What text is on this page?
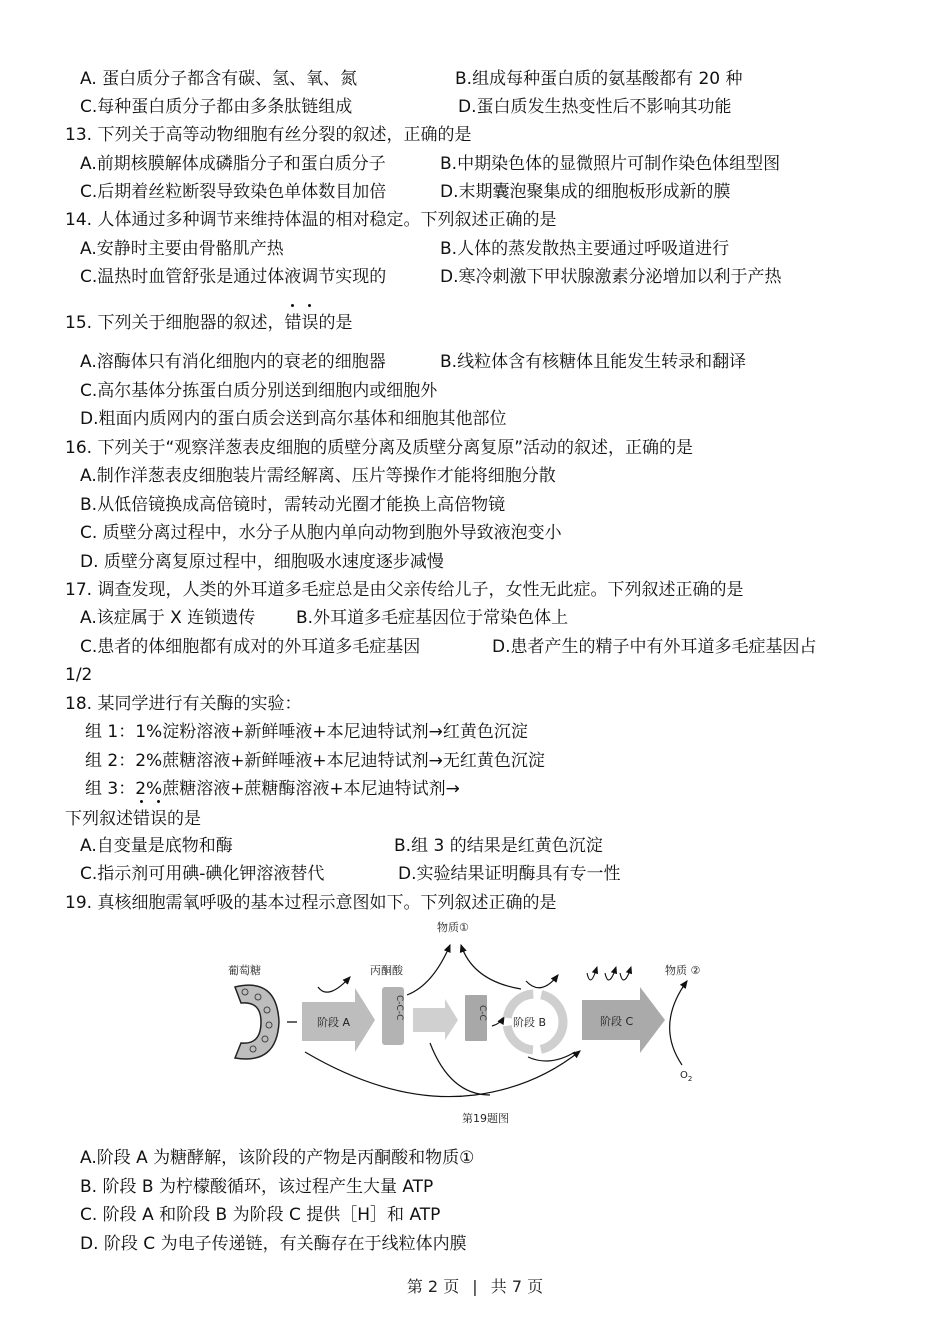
A. 蛋白质分子都含有碳、氢、氧、氮	B.组成每种蛋白质的氨基酸都有 20 种
C.每种蛋白质分子都由多条肽链组成	D.蛋白质发生热变性后不影响其功能
13. 下列关于高等动物细胞有丝分裂的叙述，正确的是
A.前期核膜解体成磷脂分子和蛋白质分子	B.中期染色体的显微照片可制作染色体组型图
C.后期着丝粒断裂导致染色单体数目加倍	D.末期囊泡聚集成的细胞板形成新的膜
14. 人体通过多种调节来维持体温的相对稳定。下列叙述正确的是
A.安静时主要由骨骼肌产热	B.人体的蒸发散热主要通过呼吸道进行
C.温热时血管舒张是通过体液调节实现的	D.寒冷刺激下甲状腺激素分泌增加以利于产热
15. 下列关于细胞器的叙述，错误的是
A.溶酶体只有消化细胞内的衰老的细胞器	B.线粒体含有核糖体且能发生转录和翻译
C.高尔基体分拣蛋白质分别送到细胞内或细胞外
D.粗面内质网内的蛋白质会送到高尔基体和细胞其他部位
16. 下列关于“观察洋葱表皮细胞的质壁分离及质壁分离复原”活动的叙述，正确的是
A.制作洋葱表皮细胞装片需经解离、压片等操作才能将细胞分散
B.从低倍镜换成高倍镜时，需转动光圈才能换上高倍物镜
C. 质壁分离过程中，水分子从胞内单向动物到胞外导致液泡变小
D. 质壁分离复原过程中，细胞吸水速度逐步减慢
17. 调查发现，人类的外耳道多毛症总是由父亲传给儿子，女性无此症。下列叙述正确的是
A.该症属于 X 连锁遗传 B.外耳道多毛症基因位于常染色体上
C.患者的体细胞都有成对的外耳道多毛症基因	D.患者产生的精子中有外耳道多毛症基因占
1/2
18. 某同学进行有关酶的实验：
组 1：1%淀粉溶液+新鲜唾液+本尼迪特试剂→红黄色沉淀
组 2：2%蔗糖溶液+新鲜唾液+本尼迪特试剂→无红黄色沉淀
组 3：2%蔗糖溶液+蔗糖酶溶液+本尼迪特试剂→
下列叙述错误的是
A.自变量是底物和酶	B.组 3 的结果是红黄色沉淀
C.指示剂可用碘-碘化钾溶液替代	D.实验结果证明酶具有专一性
19. 真核细胞需氧呼吸的基本过程示意图如下。下列叙述正确的是
葡萄糖
阶段 A
丙酮酸
C-C-C	C-C
阶段 B	阶段 C
物质①
物质 ②
$O_2$
第19题图
A.阶段 A 为糖酵解，该阶段的产物是丙酮酸和物质①
B. 阶段 B 为柠檬酸循环，该过程产生大量 ATP
C. 阶段 A 和阶段 B 为阶段 C 提供［H］和 ATP
D. 阶段 C 为电子传递链，有关酶存在于线粒体内膜
第 2 页 | 共 7 页
